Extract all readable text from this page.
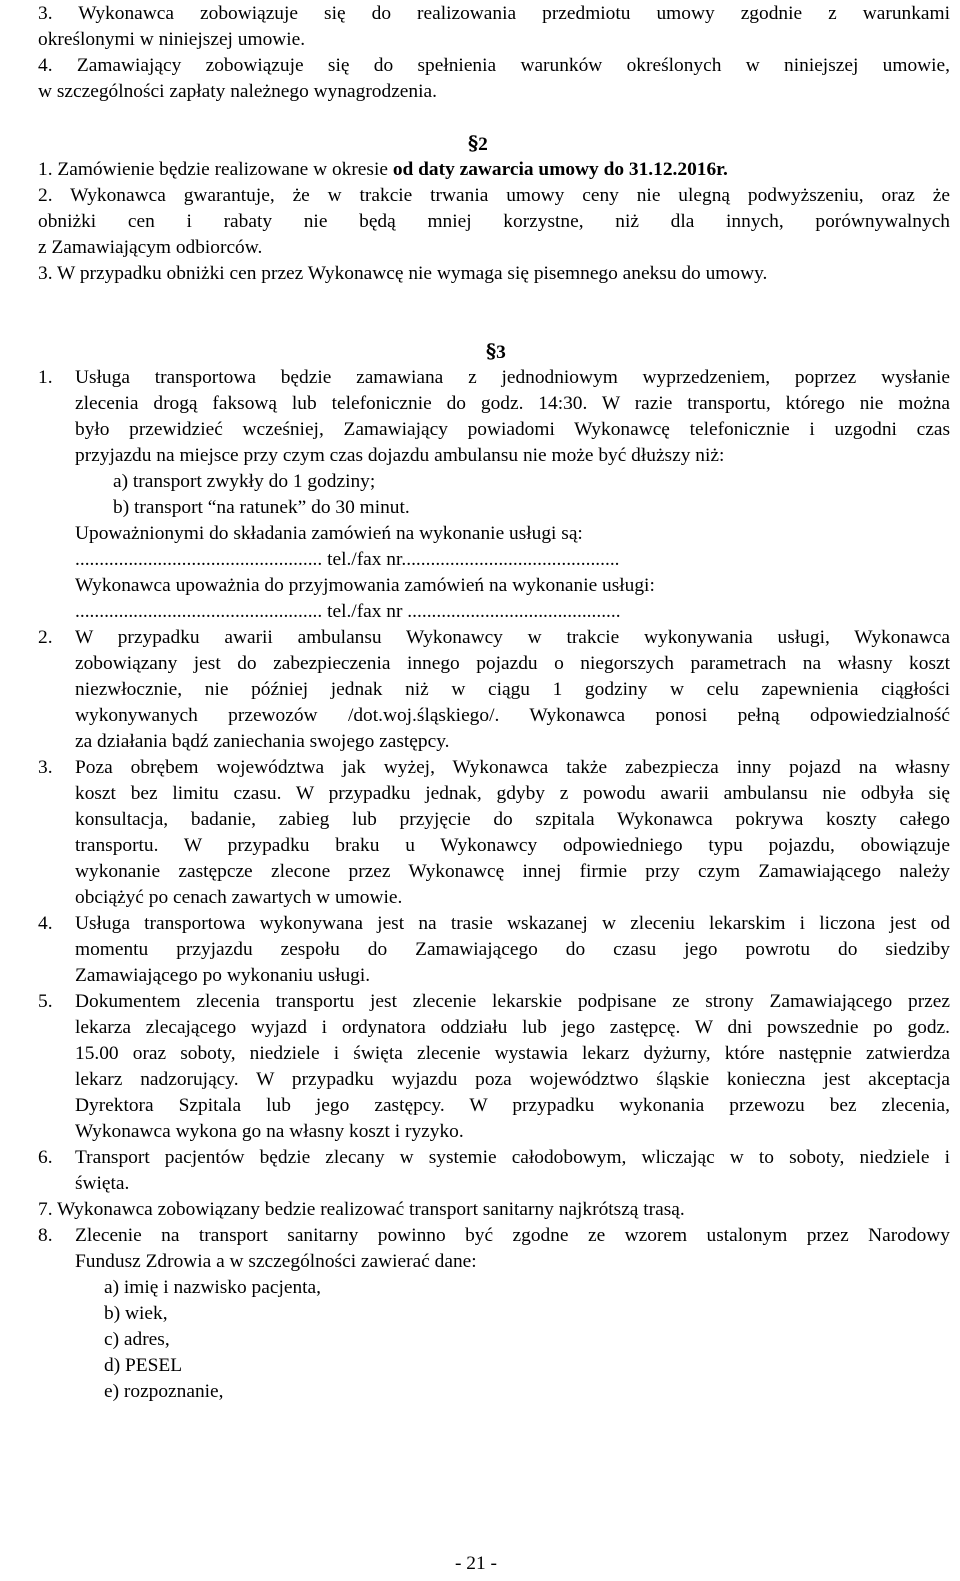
3. Wykonawca zobowiązuje się do realizowania przedmiotu umowy zgodnie z warunkami
określonymi w niniejszej umowie.
4. Zamawiający zobowiązuje się do spełnienia warunków określonych w niniejszej umowie,
w szczególności zapłaty należnego wynagrodzenia.
§2
1. Zamówienie będzie realizowane w okresie od daty zawarcia umowy do 31.12.2016r.
2. Wykonawca gwarantuje, że w trakcie trwania umowy ceny nie ulegną podwyższeniu, oraz że
obniżki cen i rabaty nie będą mniej korzystne, niż dla innych, porównywalnych
z Zamawiającym odbiorców.
3. W przypadku obniżki cen przez Wykonawcę nie wymaga się pisemnego aneksu do umowy.
§3
1. Usługa transportowa będzie zamawiana z jednodniowym wyprzedzeniem, poprzez wysłanie
zlecenia drogą faksową lub telefonicznie do godz. 14:30. W razie transportu, którego nie można
było przewidzieć wcześniej, Zamawiający powiadomi Wykonawcę telefonicznie i uzgodni czas
przyjazdu na miejsce przy czym czas dojazdu ambulansu nie może być dłuższy niż:
a) transport zwykły do 1 godziny;
b) transport “na ratunek” do 30 minut.
Upoważnionymi do składania zamówień na wykonanie usługi są:
................................................... tel./fax nr.............................................
Wykonawca upoważnia do przyjmowania zamówień na wykonanie usługi:
................................................... tel./fax nr ............................................
2. W przypadku awarii ambulansu Wykonawcy w trakcie wykonywania usługi, Wykonawca
zobowiązany jest do zabezpieczenia innego pojazdu o niegorszych parametrach na własny koszt
niezwłocznie, nie później jednak niż w ciągu 1 godziny w celu zapewnienia ciągłości
wykonywanych przewozów /dot.woj.śląskiego/. Wykonawca ponosi pełną odpowiedzialność
za działania bądź zaniechania swojego zastępcy.
3. Poza obrębem województwa jak wyżej, Wykonawca także zabezpiecza inny pojazd na własny
koszt bez limitu czasu. W przypadku jednak, gdyby z powodu awarii ambulansu nie odbyła się
konsultacja, badanie, zabieg lub przyjęcie do szpitala Wykonawca pokrywa koszty całego
transportu. W przypadku braku u Wykonawcy odpowiedniego typu pojazdu, obowiązuje
wykonanie zastępcze zlecone przez Wykonawcę innej firmie przy czym Zamawiającego należy
obciążyć po cenach zawartych w umowie.
4. Usługa transportowa wykonywana jest na trasie wskazanej w zleceniu lekarskim i liczona jest od
momentu przyjazdu zespołu do Zamawiającego do czasu jego powrotu do siedziby
Zamawiającego po wykonaniu usługi.
5. Dokumentem zlecenia transportu jest zlecenie lekarskie podpisane ze strony Zamawiającego przez
lekarza zlecającego wyjazd i ordynatora oddziału lub jego zastępcę. W dni powszednie po godz.
15.00 oraz soboty, niedziele i święta zlecenie wystawia lekarz dyżurny, które następnie zatwierdza
lekarz nadzorujący. W przypadku wyjazdu poza województwo śląskie konieczna jest akceptacja
Dyrektora Szpitala lub jego zastępcy. W przypadku wykonania przewozu bez zlecenia,
Wykonawca wykona go na własny koszt i ryzyko.
6. Transport pacjentów będzie zlecany w systemie całodobowym, wliczając w to soboty, niedziele i
święta.
7. Wykonawca zobowiązany bedzie realizować transport sanitarny najkrótszą trasą.
8. Zlecenie na transport sanitarny powinno być zgodne ze wzorem ustalonym przez Narodowy
Fundusz Zdrowia a w szczególności zawierać dane:
a) imię i nazwisko pacjenta,
b) wiek,
c) adres,
d) PESEL
e) rozpoznanie,
- 21 -
